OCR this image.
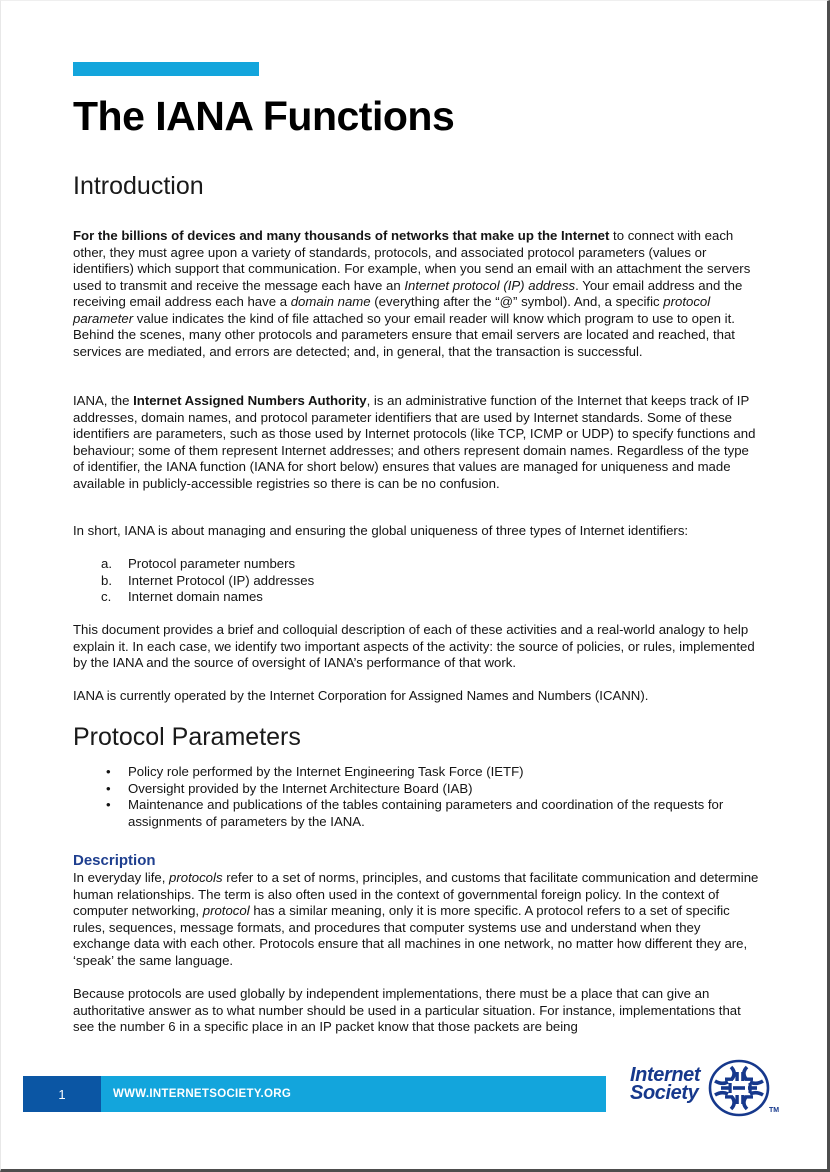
The IANA Functions
Introduction

For the billions of devices and many thousands of networks that make up the Internet to connect with each other, they must agree upon a variety of standards, protocols, and associated protocol parameters (values or identifiers) which support that communication. For example, when you send an email with an attachment the servers used to transmit and receive the message each have an Internet protocol (IP) address. Your email address and the receiving email address each have a domain name (everything after the “@” symbol). And, a specific protocol parameter value indicates the kind of file attached so your email reader will know which program to use to open it. Behind the scenes, many other protocols and parameters ensure that email servers are located and reached, that services are mediated, and errors are detected; and, in general, that the transaction is successful.

IANA, the Internet Assigned Numbers Authority, is an administrative function of the Internet that keeps track of IP addresses, domain names, and protocol parameter identifiers that are used by Internet standards. Some of these identifiers are parameters, such as those used by Internet protocols (like TCP, ICMP or UDP) to specify functions and behaviour; some of them represent Internet addresses; and others represent domain names. Regardless of the type of identifier, the IANA function (IANA for short below) ensures that values are managed for uniqueness and made available in publicly-accessible registries so there is can be no confusion.

In short, IANA is about managing and ensuring the global uniqueness of three types of Internet identifiers:

a.	Protocol parameter numbers
b.	Internet Protocol (IP) addresses
c.	Internet domain names

This document provides a brief and colloquial description of each of these activities and a real-world analogy to help explain it. In each case, we identify two important aspects of the activity: the source of policies, or rules, implemented by the IANA and the source of oversight of IANA’s performance of that work.

IANA is currently operated by the Internet Corporation for Assigned Names and Numbers (ICANN).

Protocol Parameters
• Policy role performed by the Internet Engineering Task Force (IETF)
• Oversight provided by the Internet Architecture Board (IAB)
• Maintenance and publications of the tables containing parameters and coordination of the requests for assignments of parameters by the IANA.
Description

In everyday life, protocols refer to a set of norms, principles, and customs that facilitate communication and determine human relationships. The term is also often used in the context of governmental foreign policy. In the context of computer networking, protocol has a similar meaning, only it is more specific. A protocol refers to a set of specific rules, sequences, message formats, and procedures that computer systems use and understand when they exchange data with each other. Protocols ensure that all machines in one network, no matter how different they are, ‘speak’ the same language.

Because protocols are used globally by independent implementations, there must be a place that can give an authoritative answer as to what number should be used in a particular situation. For instance, implementations that see the number 6 in a specific place in an IP packet know that those packets are being

1	WWW.INTERNETSOCIETY.ORG
Internet
Society
TM
